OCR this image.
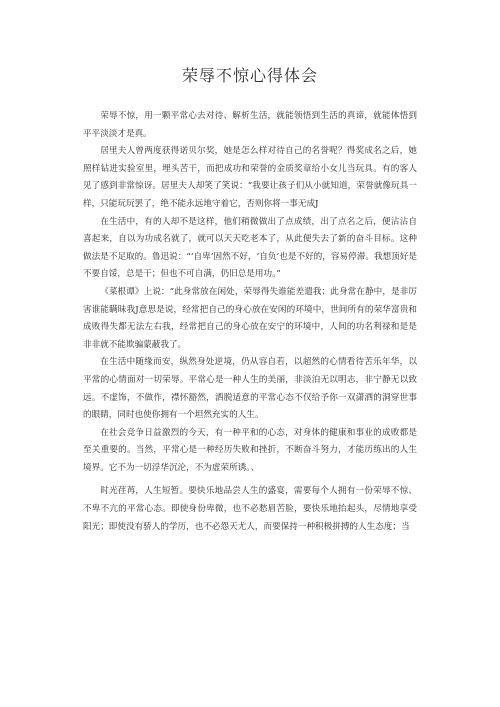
荣辱不惊心得体会

荣辱不惊，用一颗平常心去对待、解析生活，就能领悟到生活的真谛，就能体悟到平平淡淡才是真。

居里夫人曾两度获得诺贝尔奖，她是怎么样对待自己的名誉呢？得奖成名之后，她照样钻进实验室里，埋头苦干，而把成功和荣誉的金质奖章给小女儿当玩具。有的客人见了感到非常惊讶。居里夫人却笑了笑说：“我要让孩子们从小就知道，荣誉就像玩具一样，只能玩玩罢了，绝不能永远地守着它，否则你将一事无成J

在生活中，有的人却不是这样，他们稍微做出了点成绩，出了点名之后，便沾沾自喜起来，自以为功成名就了，就可以天天吃老本了，从此便失去了新的奋斗目标。这种做法是不足取的。鲁迅说：“‘自卑’固然不好，‘自负’也是不好的，容易停滞。我想顶好是不要自馁，总是干；但也不可自满，仍旧总是用功。”

《菜根谭》上说：“此身常放在闲处，荣辱得失谁能差遣我；此身常在静中，是非厉害谁能瞒昧我J意思是说，经常把自己的身心放在安闲的环境中，世间所有的荣华富贵和成败得失都无法左右我，经常把自己的身心放在安宁的环境中，人间的功名利禄和是是非非就不能欺骗蒙蔽我了。

在生活中随缘而安，纵然身处逆境，仍从容自若，以超然的心情看待苦乐年华，以平常的心情面对一切荣辱。平常心是一种人生的美丽，非淡泊无以明志，非宁静无以致远。不虚饰，不做作，襟怀豁然，洒脱适意的平常心态不仅给予你一双潇洒的洞穿世事的眼睛，同时也使你拥有一个坦然充实的人生。

在社会竞争日益激烈的今天，有一种平和的心态，对身体的健康和事业的成败都是至关重要的。当然，平常心是一种经历失败和挫折，不断奋斗努力，才能历练出的人生境界。它不为一切浮华沉沦，不为虚荣所诱。、

时光荏苒，人生短暂。要快乐地品尝人生的盛宴，需要每个人拥有一份荣辱不惊、不卑不亢的平常心态。即使身份卑微，也不必愁眉苦脸，要快乐地抬起头，尽情地享受阳光；即使没有骄人的学历，也不必怨天尤人，而要保持一种积极拼搏的人生态度；当
